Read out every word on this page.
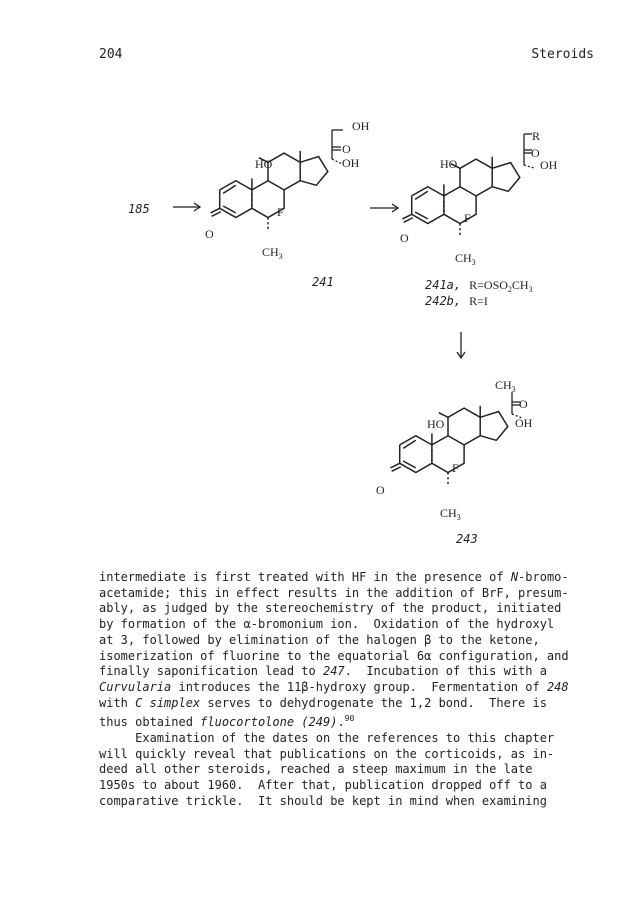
204	Steroids
185
OH
O
OH
HO
F
$CH_3$
O
241
R
O
OH
HO
F
$CH_3$
O
241a, $R=OSO_2CH_3$
242b, R=I
$CH_3$
O
OH
HO
F
$CH_3$
O
243
intermediate is first treated with HF in the presence of N-bromo-
acetamide; this in effect results in the addition of BrF, presum-
ably, as judged by the stereochemistry of the product, initiated
by formation of the α-bromonium ion.  Oxidation of the hydroxyl
at 3, followed by elimination of the halogen β to the ketone,
isomerization of fluorine to the equatorial 6α configuration, and
finally saponification lead to 247.  Incubation of this with a
Curvularia introduces the 11β-hydroxy group.  Fermentation of 248
with C simplex serves to dehydrogenate the 1,2 bond.  There is
thus obtained fluocortolone (249).$^{90}$
Examination of the dates on the references to this chapter
will quickly reveal that publications on the corticoids, as in-
deed all other steroids, reached a steep maximum in the late
1950s to about 1960.  After that, publication dropped off to a
comparative trickle.  It should be kept in mind when examining
